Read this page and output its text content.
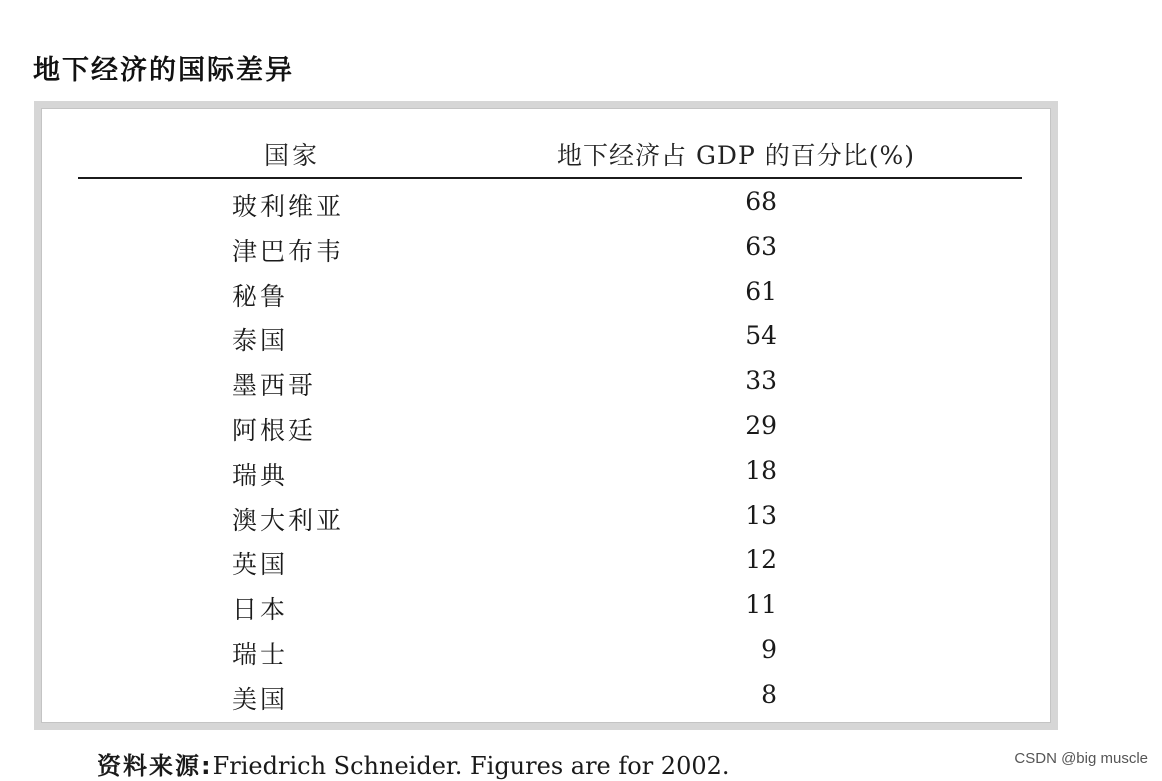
地下经济的国际差异
国家	地下经济占 GDP 的百分比(%)
玻利维亚	68
津巴布韦	63
秘鲁	61
泰国	54
墨西哥	33
阿根廷	29
瑞典	18
澳大利亚	13
英国	12
日本	11
瑞士	9
美国	8
资料来源:Friedrich Schneider. Figures are for 2002.	CSDN @big muscle
